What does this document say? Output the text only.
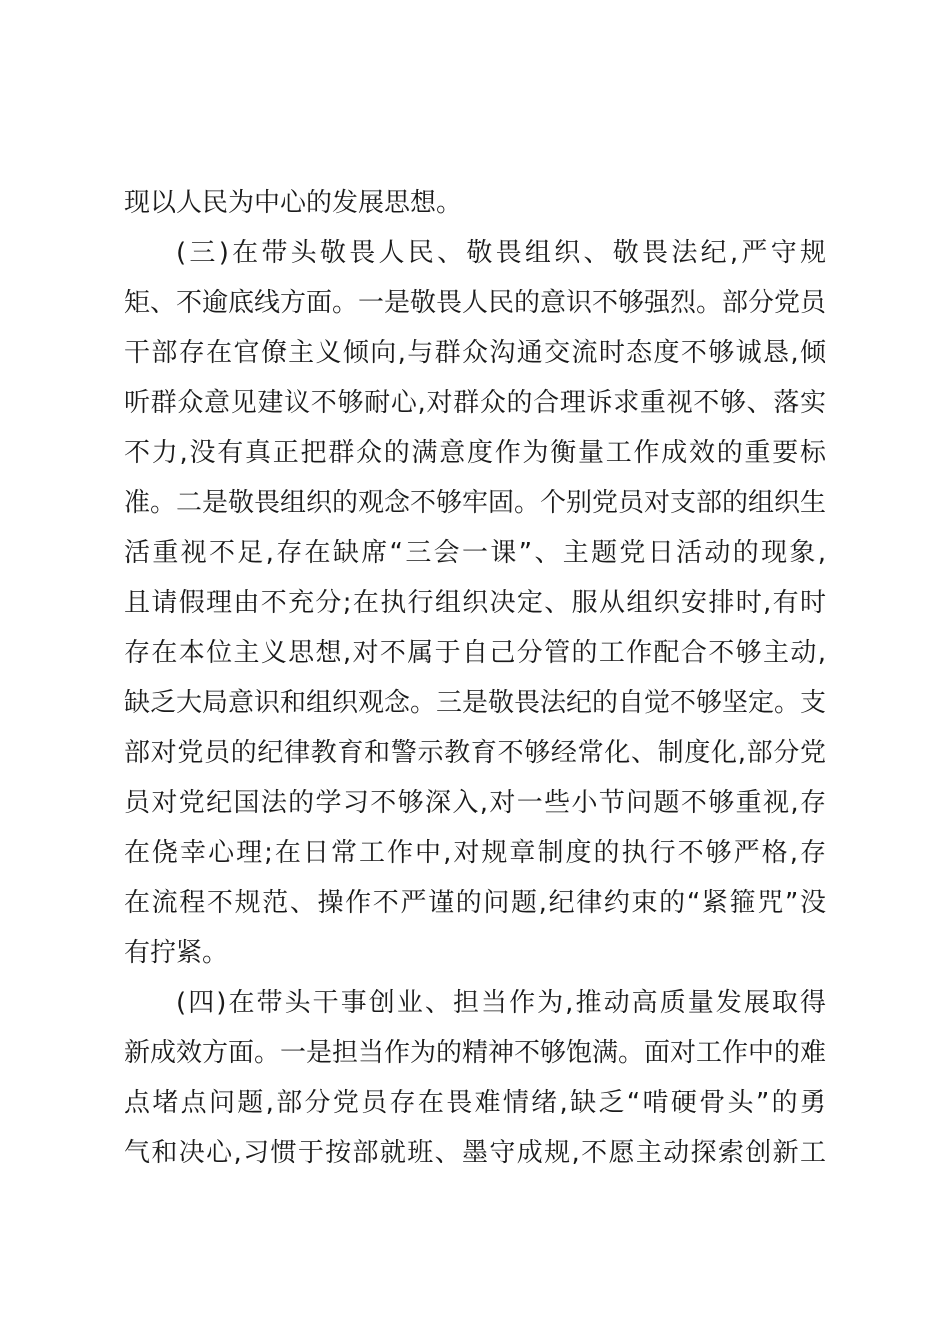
现以人民为中心的发展思想。
(三)在带头敬畏人民、敬畏组织、敬畏法纪,严守规
矩、不逾底线方面。一是敬畏人民的意识不够强烈。部分党员
干部存在官僚主义倾向,与群众沟通交流时态度不够诚恳,倾
听群众意见建议不够耐心,对群众的合理诉求重视不够、落实
不力,没有真正把群众的满意度作为衡量工作成效的重要标
准。二是敬畏组织的观念不够牢固。个别党员对支部的组织生
活重视不足,存在缺席“三会一课”、主题党日活动的现象,
且请假理由不充分;在执行组织决定、服从组织安排时,有时
存在本位主义思想,对不属于自己分管的工作配合不够主动,
缺乏大局意识和组织观念。三是敬畏法纪的自觉不够坚定。支
部对党员的纪律教育和警示教育不够经常化、制度化,部分党
员对党纪国法的学习不够深入,对一些小节问题不够重视,存
在侥幸心理;在日常工作中,对规章制度的执行不够严格,存
在流程不规范、操作不严谨的问题,纪律约束的“紧箍咒”没
有拧紧。
(四)在带头干事创业、担当作为,推动高质量发展取得
新成效方面。一是担当作为的精神不够饱满。面对工作中的难
点堵点问题,部分党员存在畏难情绪,缺乏“啃硬骨头”的勇
气和决心,习惯于按部就班、墨守成规,不愿主动探索创新工
